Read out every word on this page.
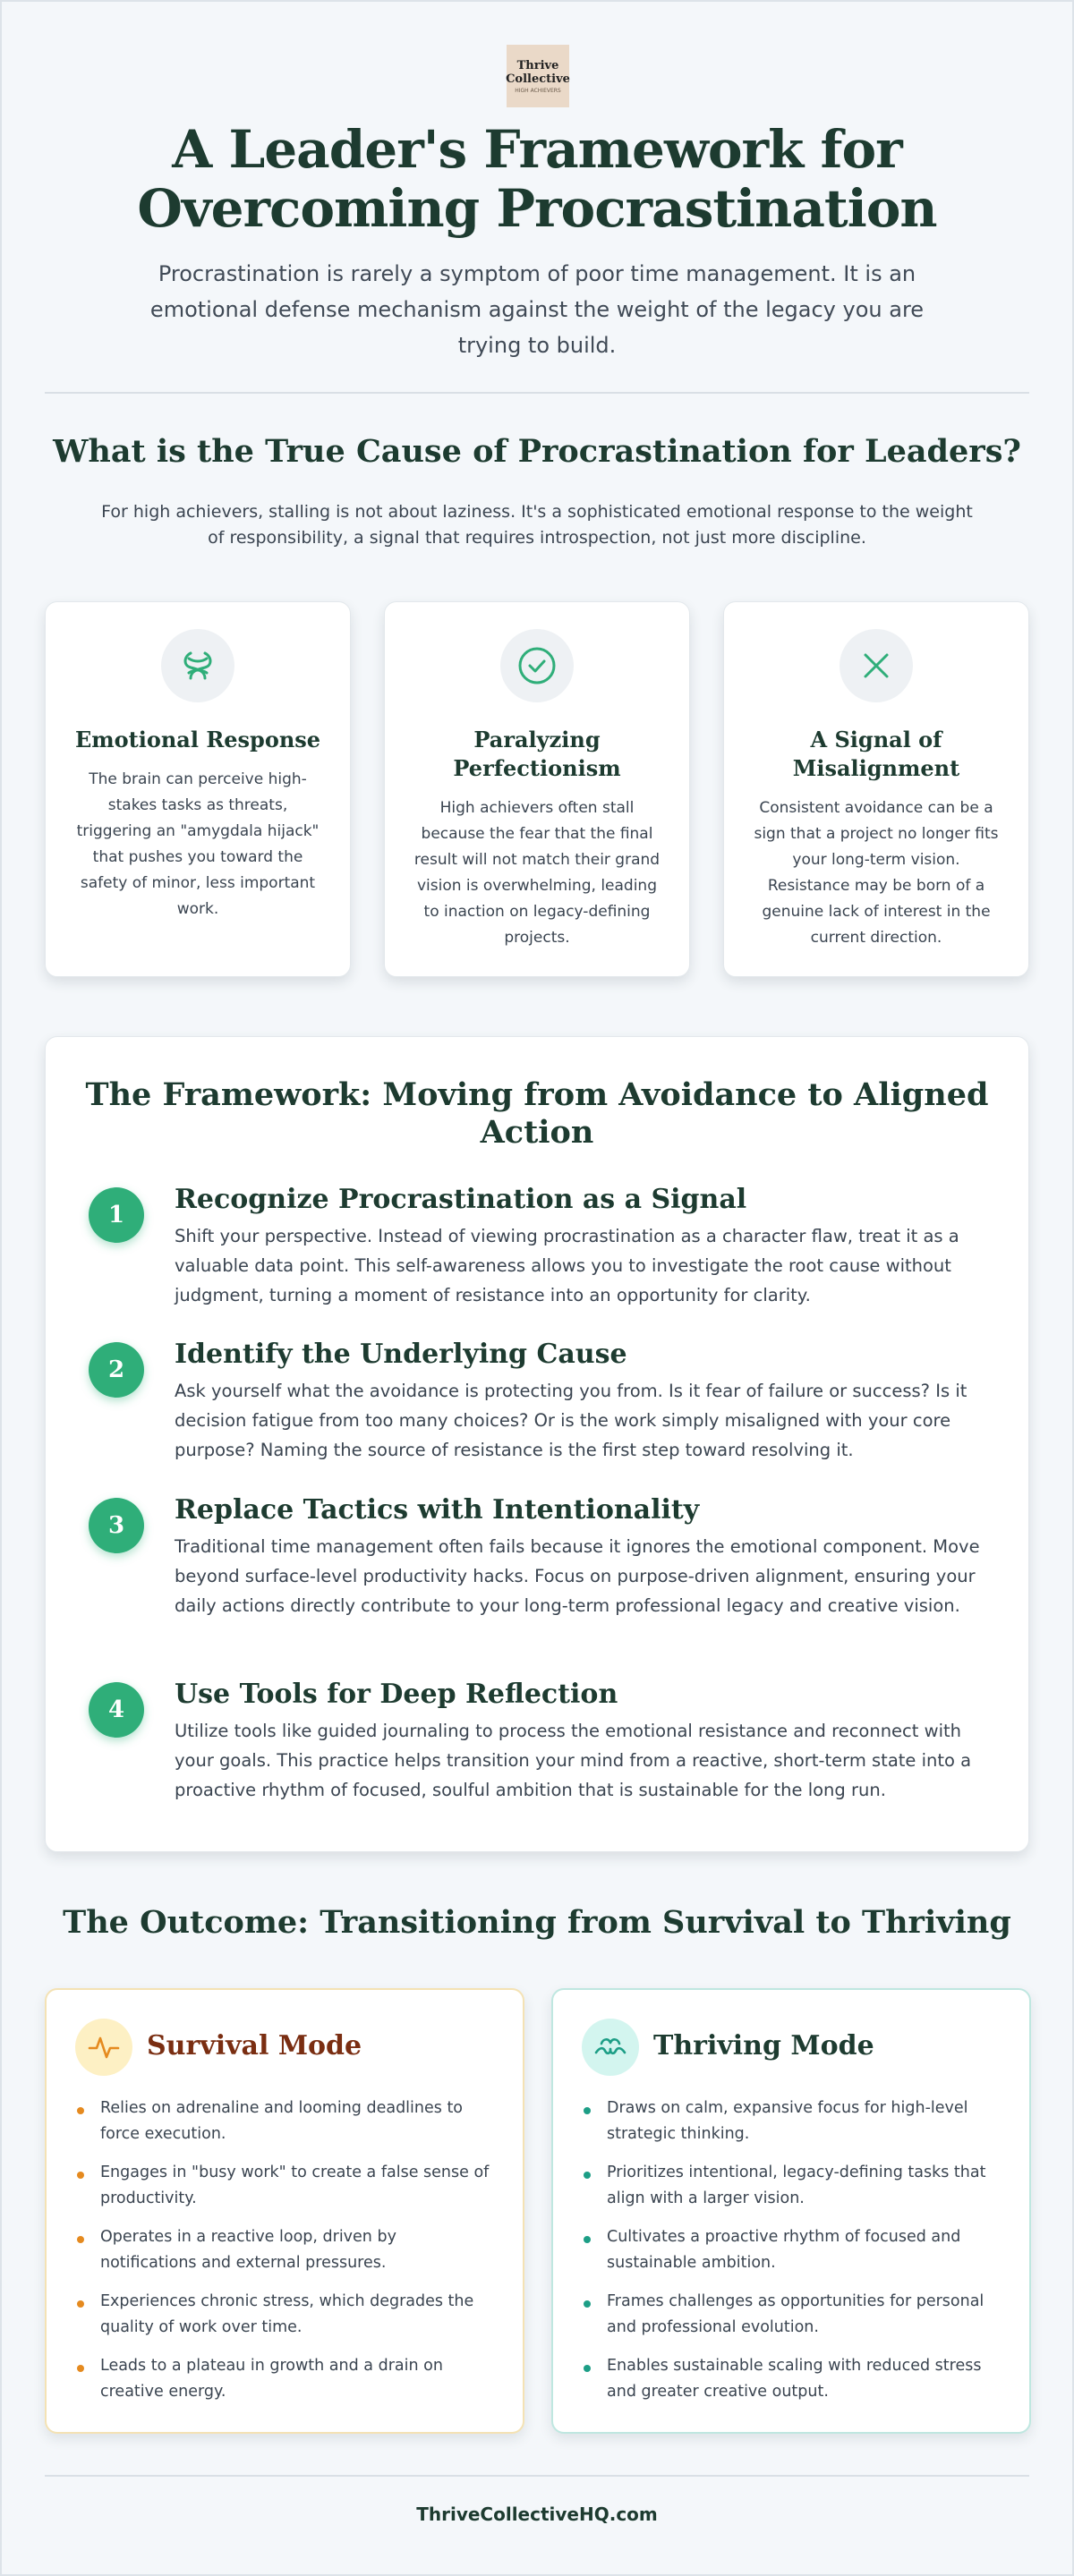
Thrive
Collective
HIGH ACHIEVERS
A Leader's Framework for Overcoming Procrastination

Procrastination is rarely a symptom of poor time management. It is an emotional defense mechanism against the weight of the legacy you are trying to build.

What is the True Cause of Procrastination for Leaders?

For high achievers, stalling is not about laziness. It's a sophisticated emotional response to the weight of responsibility, a signal that requires introspection, not just more discipline.

Emotional Response

The brain can perceive high-stakes tasks as threats, triggering an "amygdala hijack" that pushes you toward the safety of minor, less important work.

Paralyzing Perfectionism

High achievers often stall because the fear that the final result will not match their grand vision is overwhelming, leading to inaction on legacy-defining projects.

A Signal of Misalignment

Consistent avoidance can be a sign that a project no longer fits your long-term vision. Resistance may be born of a genuine lack of interest in the current direction.

The Framework: Moving from Avoidance to Aligned Action
1	Recognize Procrastination as a Signal

Shift your perspective. Instead of viewing procrastination as a character flaw, treat it as a valuable data point. This self-awareness allows you to investigate the root cause without judgment, turning a moment of resistance into an opportunity for clarity.

2	Identify the Underlying Cause

Ask yourself what the avoidance is protecting you from. Is it fear of failure or success? Is it decision fatigue from too many choices? Or is the work simply misaligned with your core purpose? Naming the source of resistance is the first step toward resolving it.

3	Replace Tactics with Intentionality

Traditional time management often fails because it ignores the emotional component. Move beyond surface-level productivity hacks. Focus on purpose-driven alignment, ensuring your daily actions directly contribute to your long-term professional legacy and creative vision.

4	Use Tools for Deep Reflection

Utilize tools like guided journaling to process the emotional resistance and reconnect with your goals. This practice helps transition your mind from a reactive, short-term state into a proactive rhythm of focused, soulful ambition that is sustainable for the long run.

The Outcome: Transitioning from Survival to Thriving
Survival Mode
Relies on adrenaline and looming deadlines to force execution.
Engages in "busy work" to create a false sense of productivity.
Operates in a reactive loop, driven by notifications and external pressures.
Experiences chronic stress, which degrades the quality of work over time.
Leads to a plateau in growth and a drain on creative energy.
Thriving Mode
Draws on calm, expansive focus for high-level strategic thinking.
Prioritizes intentional, legacy-defining tasks that align with a larger vision.
Cultivates a proactive rhythm of focused and sustainable ambition.
Frames challenges as opportunities for personal and professional evolution.
Enables sustainable scaling with reduced stress and greater creative output.

ThriveCollectiveHQ.com
